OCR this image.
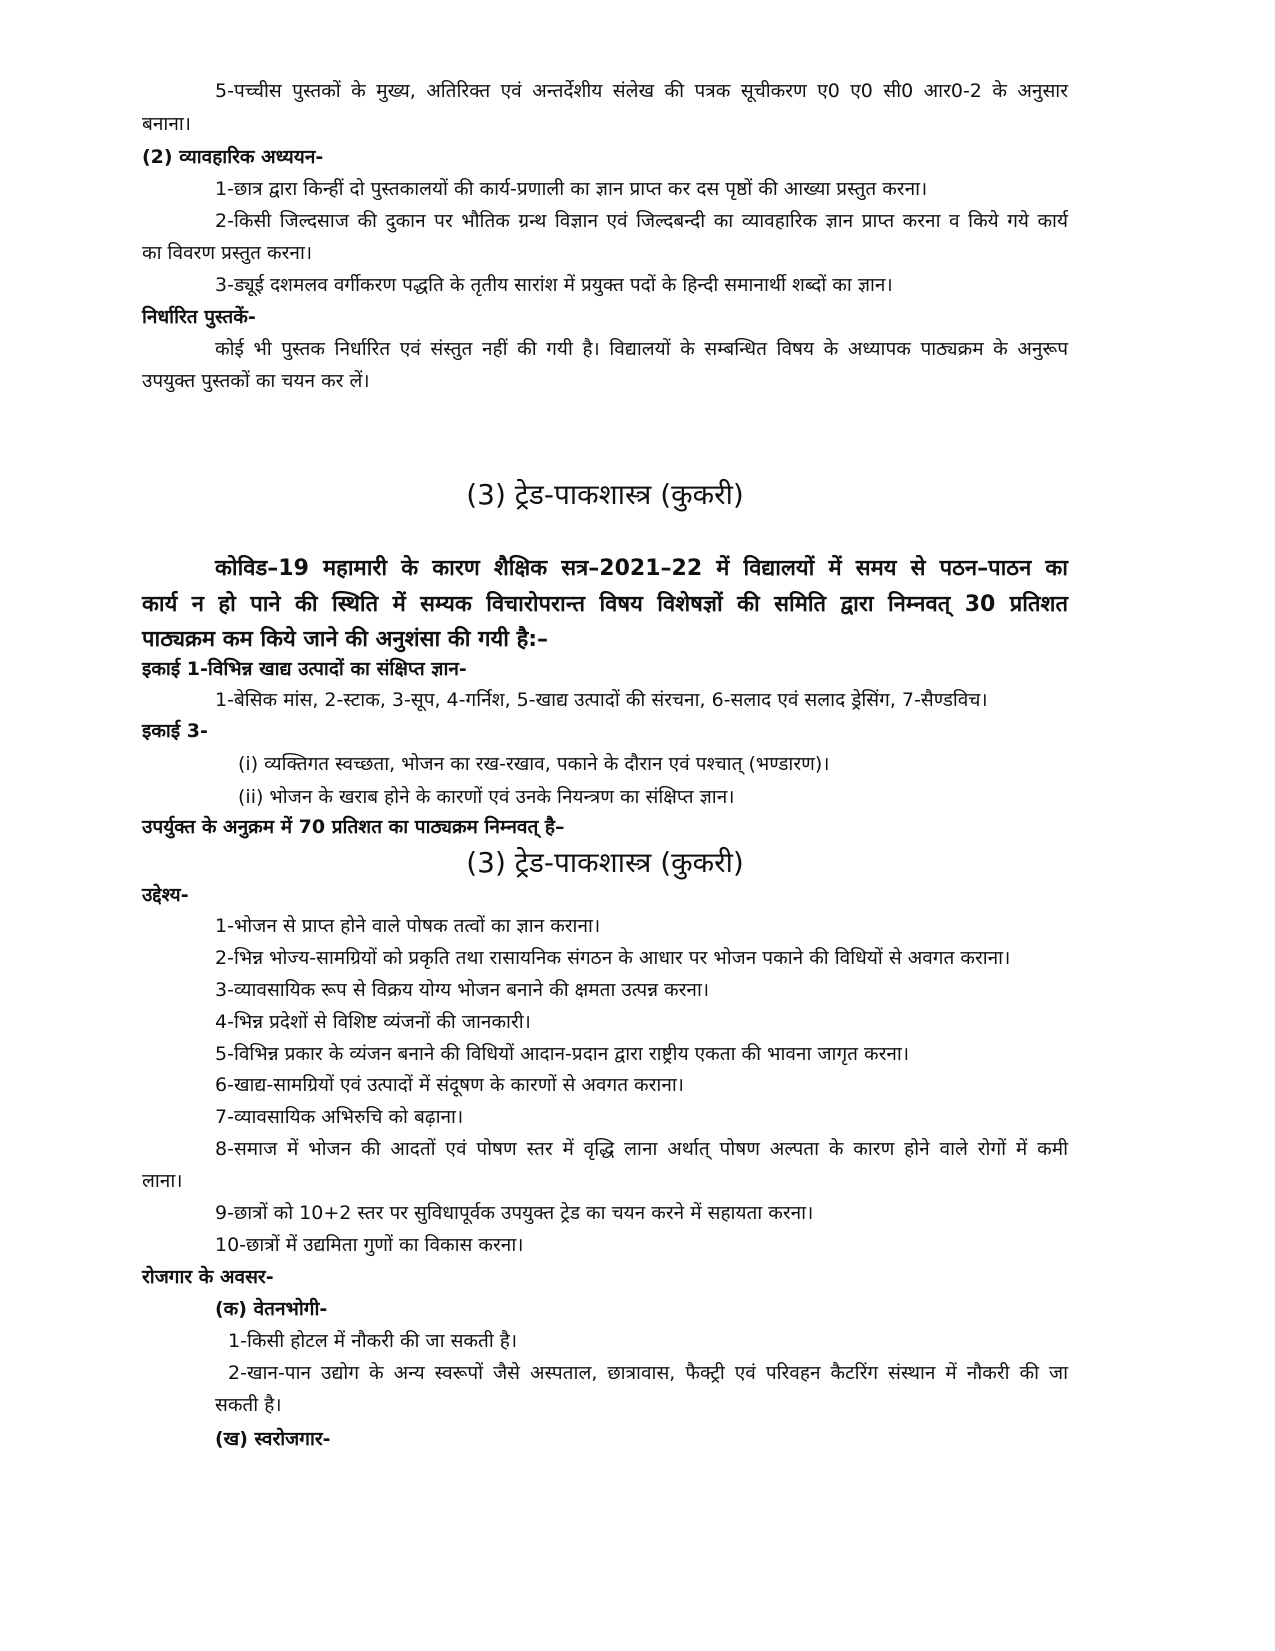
5-पच्चीस पुस्तकों के मुख्य, अतिरिक्त एवं अन्तर्देशीय संलेख की पत्रक सूचीकरण ए0 ए0 सी0 आर0-2 के अनुसार
बनाना।
(2) व्यावहारिक अध्ययन-
1-छात्र द्वारा किन्हीं दो पुस्तकालयों की कार्य-प्रणाली का ज्ञान प्राप्त कर दस पृष्ठों की आख्या प्रस्तुत करना।
2-किसी जिल्दसाज की दुकान पर भौतिक ग्रन्थ विज्ञान एवं जिल्दबन्दी का व्यावहारिक ज्ञान प्राप्त करना व किये गये कार्य
का विवरण प्रस्तुत करना।
3-ड्यूई दशमलव वर्गीकरण पद्धति के तृतीय सारांश में प्रयुक्त पदों के हिन्दी समानार्थी शब्दों का ज्ञान।
निर्धारित पुस्तकें-
कोई भी पुस्तक निर्धारित एवं संस्तुत नहीं की गयी है। विद्यालयों के सम्बन्धित विषय के अध्यापक पाठ्यक्रम के अनुरूप
उपयुक्त पुस्तकों का चयन कर लें।
(3) ट्रेड-पाकशास्त्र (कुकरी)
कोविड–19 महामारी के कारण शैक्षिक सत्र–2021–22 में विद्यालयों में समय से पठन–पाठन का
कार्य न हो पाने की स्थिति में सम्यक विचारोपरान्त विषय विशेषज्ञों की समिति द्वारा निम्नवत् 30 प्रतिशत
पाठ्यक्रम कम किये जाने की अनुशंसा की गयी है:–
इकाई 1-विभिन्न खाद्य उत्पादों का संक्षिप्त ज्ञान-
1-बेसिक मांस, 2-स्टाक, 3-सूप, 4-गर्निश, 5-खाद्य उत्पादों की संरचना, 6-सलाद एवं सलाद ड्रेसिंग, 7-सैण्डविच।
इकाई 3-
(i) व्यक्तिगत स्वच्छता, भोजन का रख-रखाव, पकाने के दौरान एवं पश्चात् (भण्डारण)।
(ii) भोजन के खराब होने के कारणों एवं उनके नियन्त्रण का संक्षिप्त ज्ञान।
उपर्युक्त के अनुक्रम में 70 प्रतिशत का पाठ्यक्रम निम्नवत् है–
(3) ट्रेड-पाकशास्त्र (कुकरी)
उद्देश्य-
1-भोजन से प्राप्त होने वाले पोषक तत्वों का ज्ञान कराना।
2-भिन्न भोज्य-सामग्रियों को प्रकृति तथा रासायनिक संगठन के आधार पर भोजन पकाने की विधियों से अवगत कराना।
3-व्यावसायिक रूप से विक्रय योग्य भोजन बनाने की क्षमता उत्पन्न करना।
4-भिन्न प्रदेशों से विशिष्ट व्यंजनों की जानकारी।
5-विभिन्न प्रकार के व्यंजन बनाने की विधियों आदान-प्रदान द्वारा राष्ट्रीय एकता की भावना जागृत करना।
6-खाद्य-सामग्रियों एवं उत्पादों में संदूषण के कारणों से अवगत कराना।
7-व्यावसायिक अभिरुचि को बढ़ाना।
8-समाज में भोजन की आदतों एवं पोषण स्तर में वृद्धि लाना अर्थात् पोषण अल्पता के कारण होने वाले रोगों में कमी
लाना।
9-छात्रों को 10+2 स्तर पर सुविधापूर्वक उपयुक्त ट्रेड का चयन करने में सहायता करना।
10-छात्रों में उद्यमिता गुणों का विकास करना।
रोजगार के अवसर-
(क) वेतनभोगी-
1-किसी होटल में नौकरी की जा सकती है।
2-खान-पान उद्योग के अन्य स्वरूपों जैसे अस्पताल, छात्रावास, फैक्ट्री एवं परिवहन कैटरिंग संस्थान में नौकरी की जा
सकती है।
(ख) स्वरोजगार-
